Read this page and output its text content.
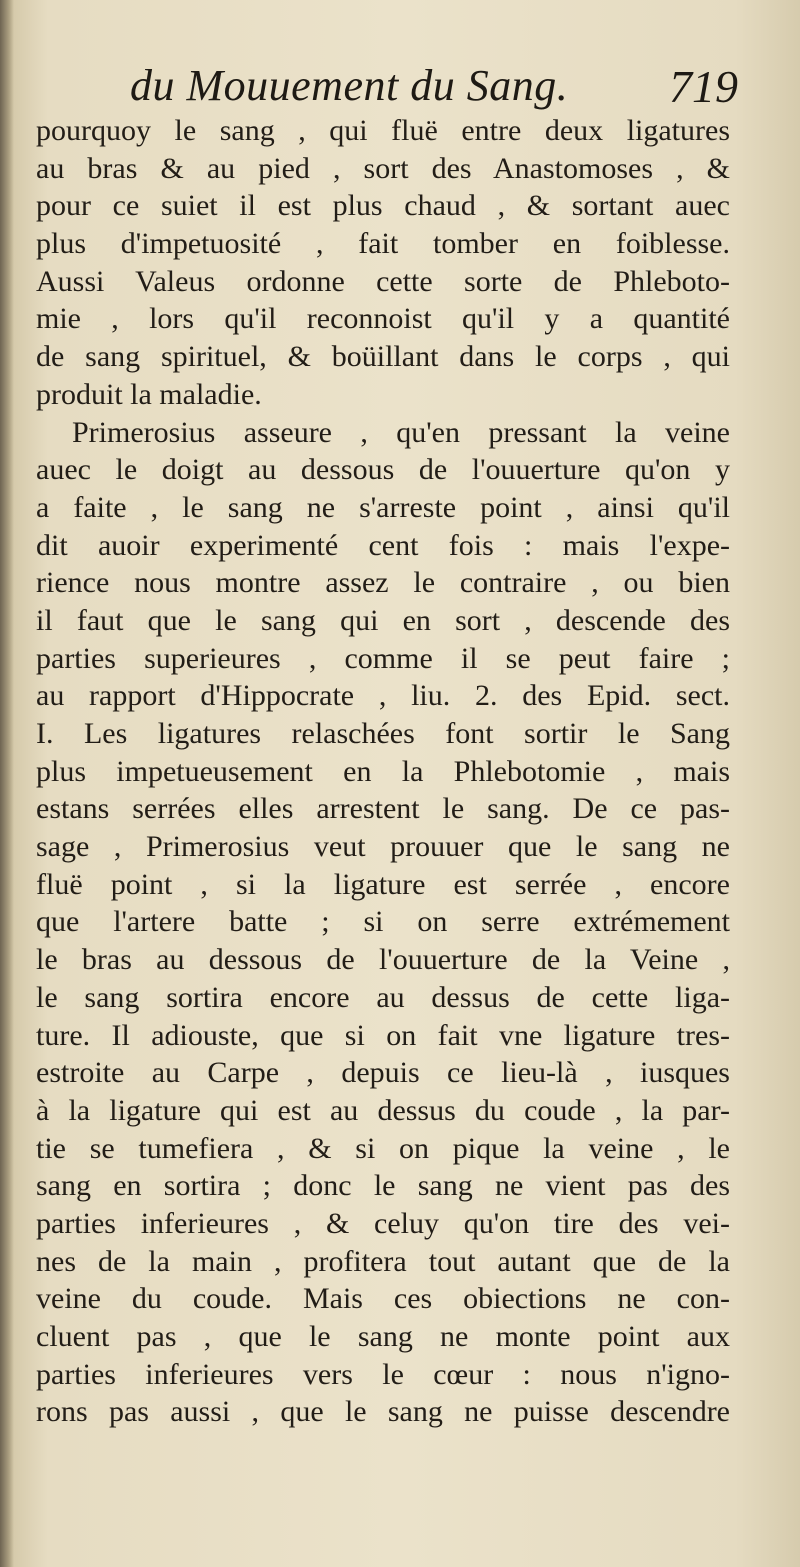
du Mouuement du Sang. 719
pourquoy le sang , qui fluë entre deux ligatures
au bras & au pied , sort des Anastomoses , &
pour ce suiet il est plus chaud , & sortant auec
plus d'impetuosité , fait tomber en foiblesse.
Aussi Valeus ordonne cette sorte de Phleboto-
mie , lors qu'il reconnoist qu'il y a quantité
de sang spirituel, & boüillant dans le corps , qui
produit la maladie.
Primerosius asseure , qu'en pressant la veine
auec le doigt au dessous de l'ouuerture qu'on y
a faite , le sang ne s'arreste point , ainsi qu'il
dit auoir experimenté cent fois : mais l'expe-
rience nous montre assez le contraire , ou bien
il faut que le sang qui en sort , descende des
parties superieures , comme il se peut faire ;
au rapport d'Hippocrate , liu. 2. des Epid. sect.
I. Les ligatures relaschées font sortir le Sang
plus impetueusement en la Phlebotomie , mais
estans serrées elles arrestent le sang. De ce pas-
sage , Primerosius veut prouuer que le sang ne
fluë point , si la ligature est serrée , encore
que l'artere batte ; si on serre extrémement
le bras au dessous de l'ouuerture de la Veine ,
le sang sortira encore au dessus de cette liga-
ture. Il adiouste, que si on fait vne ligature tres-
estroite au Carpe , depuis ce lieu-là , iusques
à la ligature qui est au dessus du coude , la par-
tie se tumefiera , & si on pique la veine , le
sang en sortira ; donc le sang ne vient pas des
parties inferieures , & celuy qu'on tire des vei-
nes de la main , profitera tout autant que de la
veine du coude. Mais ces obiections ne con-
cluent pas , que le sang ne monte point aux
parties inferieures vers le cœur : nous n'igno-
rons pas aussi , que le sang ne puisse descendre
